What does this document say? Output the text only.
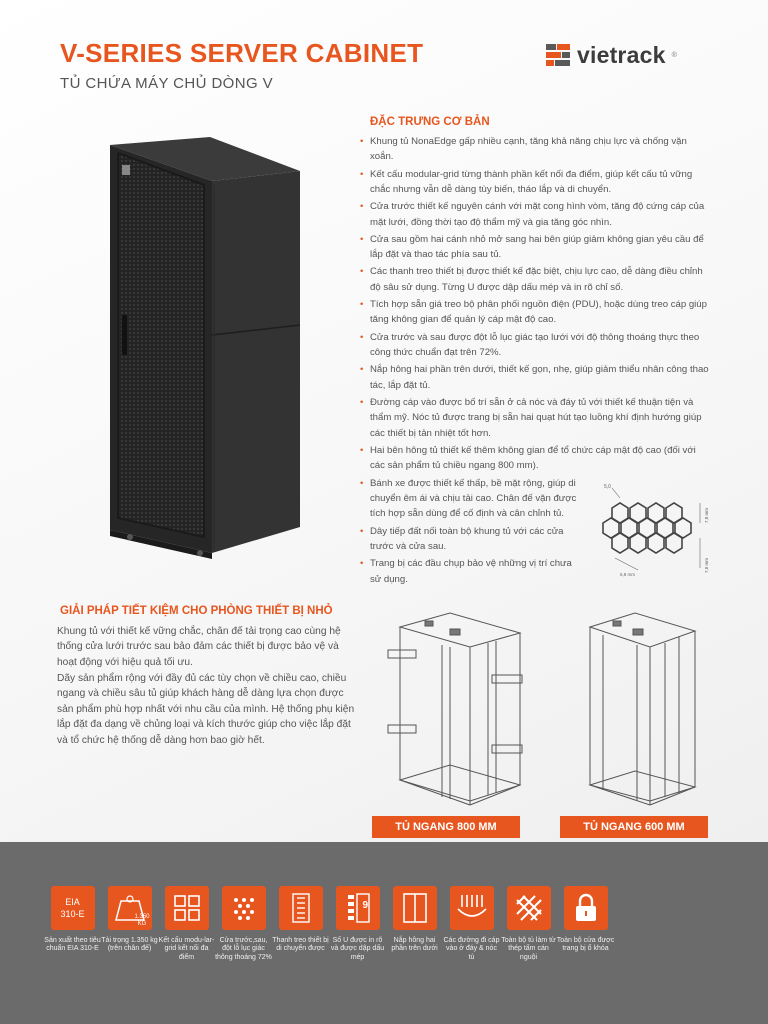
V-SERIES SERVER CABINET
TỦ CHỨA MÁY CHỦ DÒNG V
vietrack ®
ĐẶC TRƯNG CƠ BẢN
• Khung tủ NonaEdge gấp nhiều cạnh, tăng khả năng chịu lực và chống vặn xoắn.
• Kết cấu modular-grid từng thành phần kết nối đa điểm, giúp kết cấu tủ vững chắc nhưng vẫn dễ dàng tùy biến, tháo lắp và di chuyển.
• Cửa trước thiết kế nguyên cánh với mặt cong hình vòm, tăng độ cứng cáp của mặt lưới, đồng thời tạo độ thẩm mỹ và gia tăng góc nhìn.
• Cửa sau gồm hai cánh nhỏ mở sang hai bên giúp giảm không gian yêu cầu để lắp đặt và thao tác phía sau tủ.
• Các thanh treo thiết bị được thiết kế đặc biệt, chịu lực cao, dễ dàng điều chỉnh độ sâu sử dụng. Từng U được dập dấu mép và in rõ chỉ số.
• Tích hợp sẵn giá treo bộ phân phối nguồn điện (PDU), hoặc dùng treo cáp giúp tăng không gian để quản lý cáp mật độ cao.
• Cửa trước và sau được đột lỗ lục giác tạo lưới với độ thông thoáng thực theo công thức chuẩn đạt trên 72%.
• Nắp hông hai phần trên dưới, thiết kế gọn, nhẹ, giúp giảm thiểu nhân công thao tác, lắp đặt tủ.
• Đường cáp vào được bố trí sẵn ở cả nóc và đáy tủ với thiết kế thuận tiện và thẩm mỹ. Nóc tủ được trang bị sẵn hai quạt hút tạo luồng khí định hướng giúp các thiết bị tản nhiệt tốt hơn.
• Hai bên hông tủ thiết kế thêm không gian để tổ chức cáp mật độ cao (đối với các sản phẩm tủ chiều ngang 800 mm).
• Bánh xe được thiết kế thấp, bề mặt rộng, giúp di chuyển êm ái và chịu tải cao. Chân đế vặn được tích hợp sẵn dùng để cố định và cân chỉnh tủ.
• Dây tiếp đất nối toàn bộ khung tủ với các cửa trước và cửa sau.
• Trang bị các đầu chụp bảo vệ những vị trí chưa sử dụng.
5,0
7,8 mm
7,8 mm
6,8 mm
GIẢI PHÁP TIẾT KIỆM CHO PHÒNG THIẾT BỊ NHỎ
Khung tủ với thiết kế vững chắc, chân đế tải trọng cao cùng hệ thống cửa lưới trước sau bảo đảm các thiết bị được bảo vệ và hoạt động với hiệu quả tối ưu.
Dãy sản phẩm rộng với đầy đủ các tùy chọn về chiều cao, chiều ngang và chiều sâu tủ giúp khách hàng dễ dàng lựa chọn được sản phẩm phù hợp nhất với nhu cầu của mình. Hệ thống phụ kiện lắp đặt đa dạng về chủng loại và kích thước giúp cho việc lắp đặt và tổ chức hệ thống dễ dàng hơn bao giờ hết.
TỦ NGANG 800 MM	TỦ NGANG 600 MM
EIA
310-E
Sản xuất theo tiêu chuẩn EIA 310-E
Tải trọng 1.350 kg (trên chân đế)
Kết cấu modu-lar-grid kết nối đa điểm
Cửa trước,sau, đột lỗ lục giác thông thoáng 72%
Thanh treo thiết bị di chuyển được
9
Số U được in rõ và được dập dấu mép
Nắp hông hai phần trên dưới
Các đường đi cáp vào ở đáy & nóc tủ
Toàn bộ tủ làm từ thép tấm cán nguội
Toàn bộ cửa được trang bị ổ khóa
1.350
KG
